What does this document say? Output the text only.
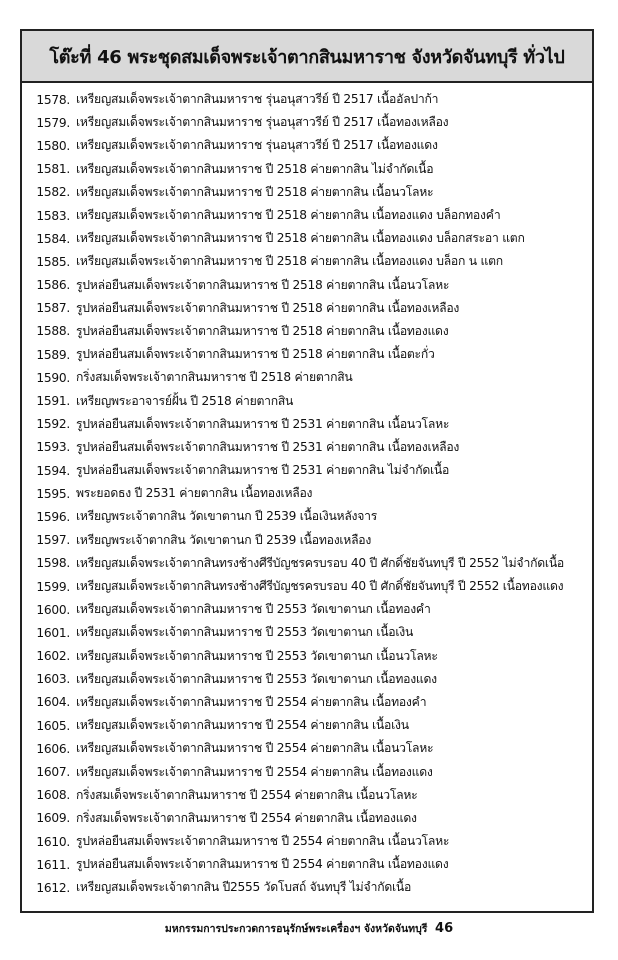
โต๊ะที่ 46 พระชุดสมเด็จพระเจ้าตากสินมหาราช จังหวัดจันทบุรี ทั่วไป
1578. เหรียญสมเด็จพระเจ้าตากสินมหาราช รุ่นอนุสาวรีย์ ปี 2517 เนื้ออัลปาก้า
1579. เหรียญสมเด็จพระเจ้าตากสินมหาราช รุ่นอนุสาวรีย์ ปี 2517 เนื้อทองเหลือง
1580. เหรียญสมเด็จพระเจ้าตากสินมหาราช รุ่นอนุสาวรีย์ ปี 2517 เนื้อทองแดง
1581. เหรียญสมเด็จพระเจ้าตากสินมหาราช ปี 2518 ค่ายตากสิน ไม่จำกัดเนื้อ
1582. เหรียญสมเด็จพระเจ้าตากสินมหาราช ปี 2518 ค่ายตากสิน เนื้อนวโลหะ
1583. เหรียญสมเด็จพระเจ้าตากสินมหาราช ปี 2518 ค่ายตากสิน เนื้อทองแดง บล็อกทองคำ
1584. เหรียญสมเด็จพระเจ้าตากสินมหาราช ปี 2518 ค่ายตากสิน เนื้อทองแดง บล็อกสระอา แตก
1585. เหรียญสมเด็จพระเจ้าตากสินมหาราช ปี 2518 ค่ายตากสิน เนื้อทองแดง บล็อก น แตก
1586. รูปหล่อยืนสมเด็จพระเจ้าตากสินมหาราช ปี 2518 ค่ายตากสิน เนื้อนวโลหะ
1587. รูปหล่อยืนสมเด็จพระเจ้าตากสินมหาราช ปี 2518 ค่ายตากสิน เนื้อทองเหลือง
1588. รูปหล่อยืนสมเด็จพระเจ้าตากสินมหาราช ปี 2518 ค่ายตากสิน เนื้อทองแดง
1589. รูปหล่อยืนสมเด็จพระเจ้าตากสินมหาราช ปี 2518 ค่ายตากสิน เนื้อตะกั่ว
1590. กริ่งสมเด็จพระเจ้าตากสินมหาราช ปี 2518 ค่ายตากสิน
1591. เหรียญพระอาจารย์ฝั้น ปี 2518 ค่ายตากสิน
1592. รูปหล่อยืนสมเด็จพระเจ้าตากสินมหาราช ปี 2531 ค่ายตากสิน เนื้อนวโลหะ
1593. รูปหล่อยืนสมเด็จพระเจ้าตากสินมหาราช ปี 2531 ค่ายตากสิน เนื้อทองเหลือง
1594. รูปหล่อยืนสมเด็จพระเจ้าตากสินมหาราช ปี 2531 ค่ายตากสิน ไม่จำกัดเนื้อ
1595. พระยอดธง ปี 2531 ค่ายตากสิน เนื้อทองเหลือง
1596. เหรียญพระเจ้าตากสิน วัดเขาตานก ปี 2539 เนื้อเงินหลังจาร
1597. เหรียญพระเจ้าตากสิน วัดเขาตานก ปี 2539 เนื้อทองเหลือง
1598. เหรียญสมเด็จพระเจ้าตากสินทรงช้างศีรีบัญชรครบรอบ 40 ปี ศักดิ์ชัยจันทบุรี ปี 2552 ไม่จำกัดเนื้อ
1599. เหรียญสมเด็จพระเจ้าตากสินทรงช้างศีรีบัญชรครบรอบ 40 ปี ศักดิ์ชัยจันทบุรี ปี 2552 เนื้อทองแดง
1600. เหรียญสมเด็จพระเจ้าตากสินมหาราช ปี 2553 วัดเขาตานก เนื้อทองคำ
1601. เหรียญสมเด็จพระเจ้าตากสินมหาราช ปี 2553 วัดเขาตานก เนื้อเงิน
1602. เหรียญสมเด็จพระเจ้าตากสินมหาราช ปี 2553 วัดเขาตานก เนื้อนวโลหะ
1603. เหรียญสมเด็จพระเจ้าตากสินมหาราช ปี 2553 วัดเขาตานก เนื้อทองแดง
1604. เหรียญสมเด็จพระเจ้าตากสินมหาราช ปี 2554 ค่ายตากสิน เนื้อทองคำ
1605. เหรียญสมเด็จพระเจ้าตากสินมหาราช ปี 2554 ค่ายตากสิน เนื้อเงิน
1606. เหรียญสมเด็จพระเจ้าตากสินมหาราช ปี 2554 ค่ายตากสิน เนื้อนวโลหะ
1607. เหรียญสมเด็จพระเจ้าตากสินมหาราช ปี 2554 ค่ายตากสิน เนื้อทองแดง
1608. กริ่งสมเด็จพระเจ้าตากสินมหาราช ปี 2554 ค่ายตากสิน เนื้อนวโลหะ
1609. กริ่งสมเด็จพระเจ้าตากสินมหาราช ปี 2554 ค่ายตากสิน เนื้อทองแดง
1610. รูปหล่อยืนสมเด็จพระเจ้าตากสินมหาราช ปี 2554 ค่ายตากสิน เนื้อนวโลหะ
1611. รูปหล่อยืนสมเด็จพระเจ้าตากสินมหาราช ปี 2554 ค่ายตากสิน เนื้อทองแดง
1612. เหรียญสมเด็จพระเจ้าตากสิน ปี2555 วัดโบสถ์ จันทบุรี ไม่จำกัดเนื้อ
มหกรรมการประกวดการอนุรักษ์พระเครื่องฯ จังหวัดจันทบุรี 46
